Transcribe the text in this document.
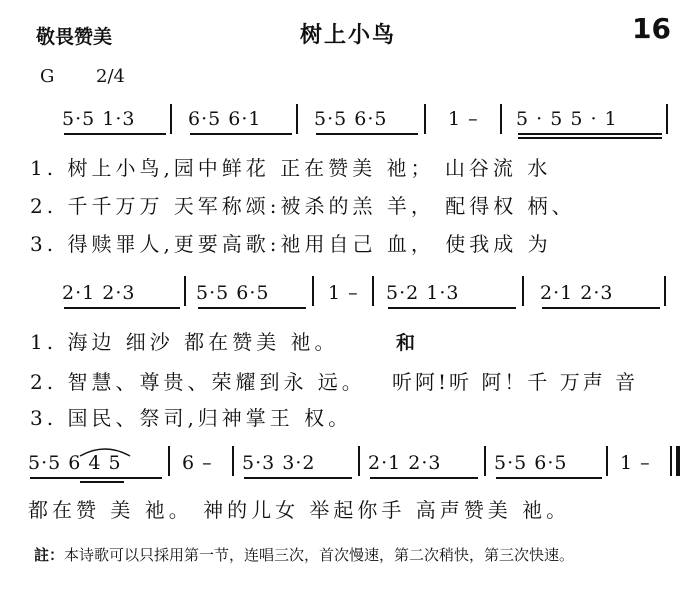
敬畏赞美	树上小鸟	16
G 2/4
5·5 1·3	6·5 6·1	5·5 6·5	1 – 5 · 5 5 · 1
1. 树上小鸟,园中鲜花 正在赞美 祂； 山谷流 水
2. 千千万万 天军称颂:被杀的羔 羊， 配得权 柄、
3. 得赎罪人,更要高歌:祂用自己 血， 使我成 为
2·1 2·3	5·5 6·5	1 – 5·2 1·3	2·1 2·3
1. 海边 细沙 都在赞美 祂。	和
2. 智慧、尊贵、荣耀到永 远。 听阿!听 阿！千 万声 音
3. 国民、祭司,归神掌王 权。
5·5 6 4 5	6 – 5·3 3·2	2·1 2·3	5·5 6·5	1 –
都在赞 美 祂。 神的儿女 举起你手 高声赞美 祂。
註：本诗歌可以只採用第一节，连唱三次，首次慢速，第二次稍快，第三次快速。
